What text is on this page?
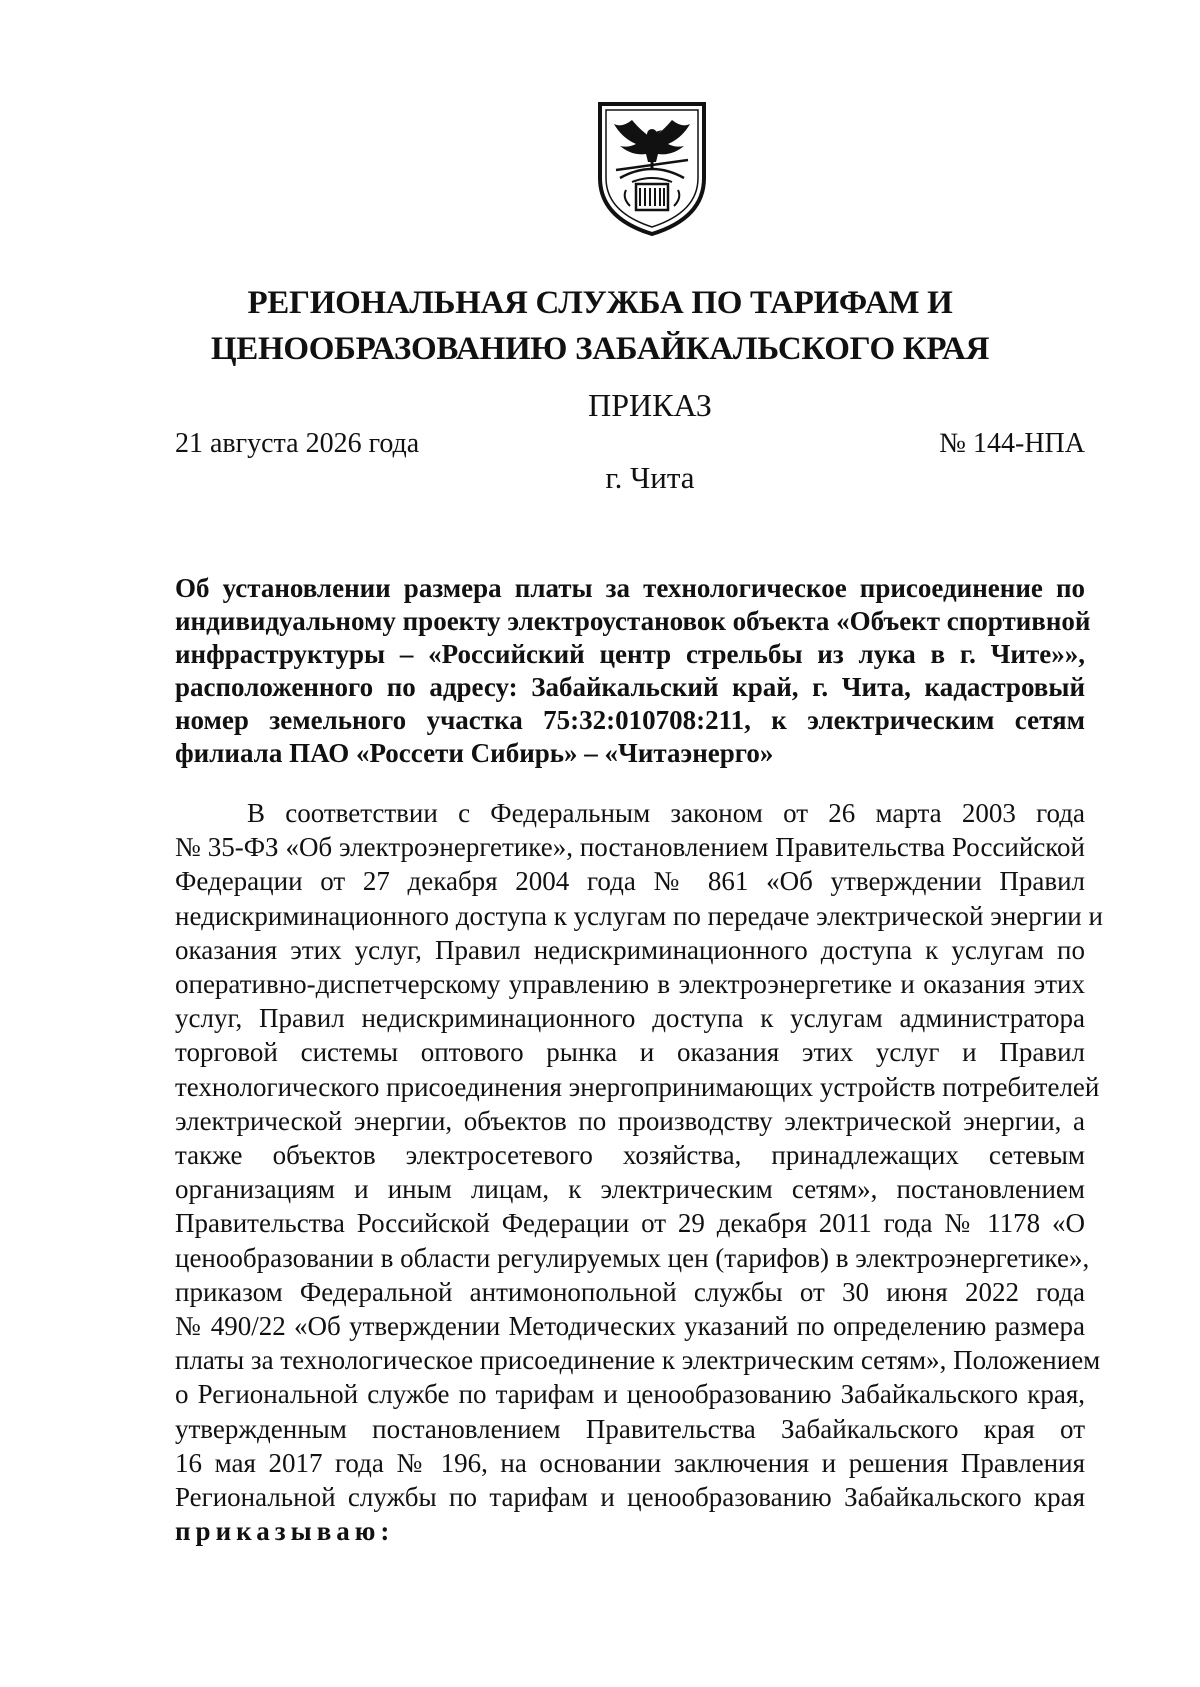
РЕГИОНАЛЬНАЯ СЛУЖБА ПО ТАРИФАМ И
ЦЕНООБРАЗОВАНИЮ ЗАБАЙКАЛЬСКОГО КРАЯ
ПРИКАЗ
21 августа 2026 года	№ 144-НПА
г. Чита
Об установлении размера платы за технологическое присоединение по
индивидуальному проекту электроустановок объекта «Объект спортивной
инфраструктуры – «Российский центр стрельбы из лука в г. Чите»»,
расположенного по адресу: Забайкальский край, г. Чита, кадастровый
номер земельного участка 75:32:010708:211, к электрическим сетям
филиала ПАО «Россети Сибирь» – «Читаэнерго»
В соответствии с Федеральным законом от 26 марта 2003 года
№ 35-ФЗ «Об электроэнергетике», постановлением Правительства Российской
Федерации от 27 декабря 2004 года № 861 «Об утверждении Правил
недискриминационного доступа к услугам по передаче электрической энергии и
оказания этих услуг, Правил недискриминационного доступа к услугам по
оперативно-диспетчерскому управлению в электроэнергетике и оказания этих
услуг, Правил недискриминационного доступа к услугам администратора
торговой системы оптового рынка и оказания этих услуг и Правил
технологического присоединения энергопринимающих устройств потребителей
электрической энергии, объектов по производству электрической энергии, а
также объектов электросетевого хозяйства, принадлежащих сетевым
организациям и иным лицам, к электрическим сетям», постановлением
Правительства Российской Федерации от 29 декабря 2011 года № 1178 «О
ценообразовании в области регулируемых цен (тарифов) в электроэнергетике»,
приказом Федеральной антимонопольной службы от 30 июня 2022 года
№ 490/22 «Об утверждении Методических указаний по определению размера
платы за технологическое присоединение к электрическим сетям», Положением
о Региональной службе по тарифам и ценообразованию Забайкальского края,
утвержденным постановлением Правительства Забайкальского края от
16 мая 2017 года № 196, на основании заключения и решения Правления
Региональной службы по тарифам и ценообразованию Забайкальского края
приказываю:
